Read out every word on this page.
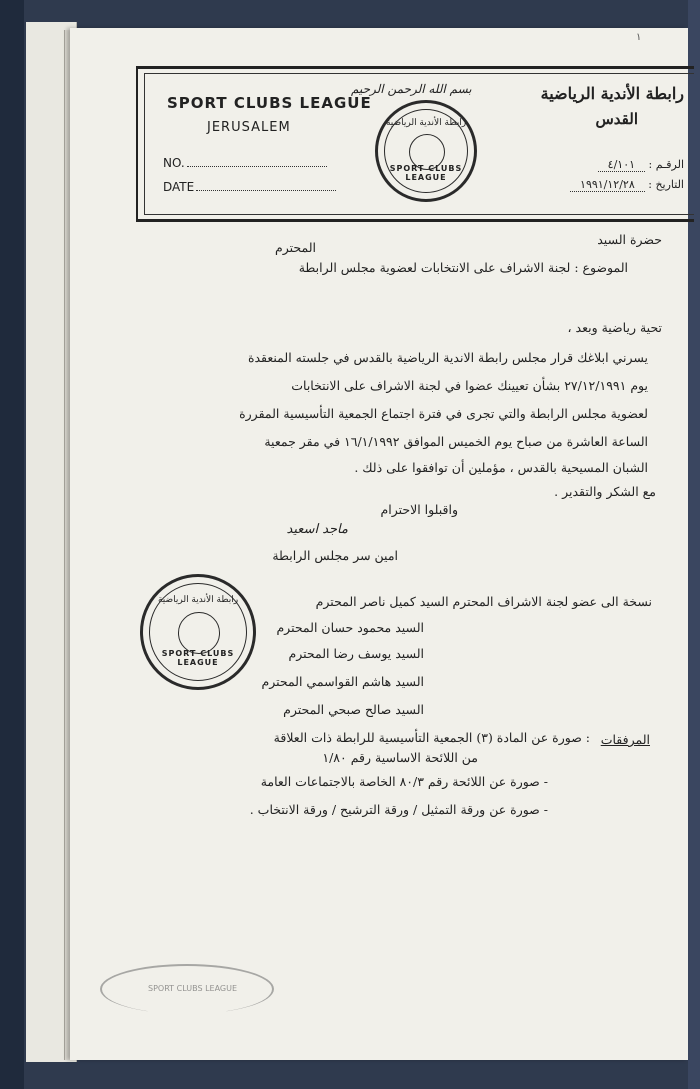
١
SPORT CLUBS LEAGUE
JERUSALEM
NO.
DATE
بسم الله الرحمن الرحيم	رابطة الأندية الرياضية
القدس
الرقـم : ٤/١٠١
التاريخ : ١٩٩١/١٢/٢٨
رابطة الأندية الرياضية
SPORT CLUBS LEAGUE
حضرة السيد
المحترم
الموضوع : لجنة الاشراف على الانتخابات لعضوية مجلس الرابطة
تحية رياضية وبعد ،
يسرني ابلاغك قرار مجلس رابطة الاندية الرياضية بالقدس في جلسته المنعقدة
يوم ٢٧/١٢/١٩٩١ بشأن تعيينك عضوا في لجنة الاشراف على الانتخابات
لعضوية مجلس الرابطة والتي تجرى في فترة اجتماع الجمعية التأسيسية المقررة
الساعة العاشرة من صباح يوم الخميس الموافق ١٦/١/١٩٩٢ في مقر جمعية
الشبان المسيحية بالقدس ، مؤملين أن توافقوا على ذلك .
مع الشكر والتقدير .
واقبلوا الاحترام
ماجد اسعيد
امين سر مجلس الرابطة
رابطة الأندية الرياضية
SPORT CLUBS LEAGUE
نسخة الى عضو لجنة الاشراف المحترم السيد كميل ناصر المحترم
السيد محمود حسان المحترم
السيد يوسف رضا المحترم
السيد هاشم القواسمي المحترم
السيد صالح صبحي المحترم
المرفقات
: صورة عن المادة (٣) الجمعية التأسيسية للرابطة ذات العلاقة
من اللائحة الاساسية رقم ١/٨٠
- صورة عن اللائحة رقم ٨٠/٣ الخاصة بالاجتماعات العامة
- صورة عن ورقة التمثيل / ورقة الترشيح / ورقة الانتخاب .
SPORT CLUBS LEAGUE
